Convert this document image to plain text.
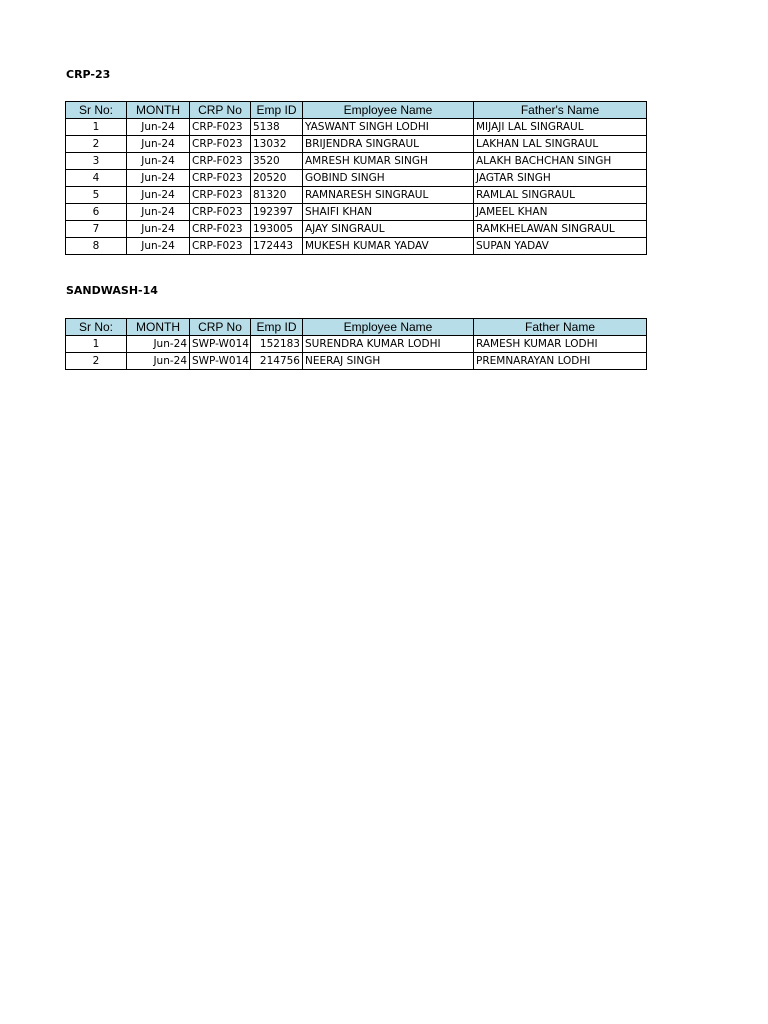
CRP-23
Sr No:	MONTH	CRP No	Emp ID	Employee Name	Father's Name
1	Jun-24	CRP-F023	5138	YASWANT SINGH LODHI	MIJAJI LAL SINGRAUL
2	Jun-24	CRP-F023	13032	BRIJENDRA SINGRAUL	LAKHAN LAL SINGRAUL
3	Jun-24	CRP-F023	3520	AMRESH KUMAR SINGH	ALAKH BACHCHAN SINGH
4	Jun-24	CRP-F023	20520	GOBIND SINGH	JAGTAR SINGH
5	Jun-24	CRP-F023	81320	RAMNARESH SINGRAUL	RAMLAL SINGRAUL
6	Jun-24	CRP-F023	192397	SHAIFI KHAN	JAMEEL KHAN
7	Jun-24	CRP-F023	193005	AJAY SINGRAUL	RAMKHELAWAN SINGRAUL
8	Jun-24	CRP-F023	172443	MUKESH KUMAR YADAV	SUPAN YADAV
SANDWASH-14
Sr No:	MONTH	CRP No	Emp ID	Employee Name	Father Name
1	Jun-24	SWP-W014	152183	SURENDRA KUMAR LODHI	RAMESH KUMAR LODHI
2	Jun-24	SWP-W014	214756	NEERAJ SINGH	PREMNARAYAN LODHI
